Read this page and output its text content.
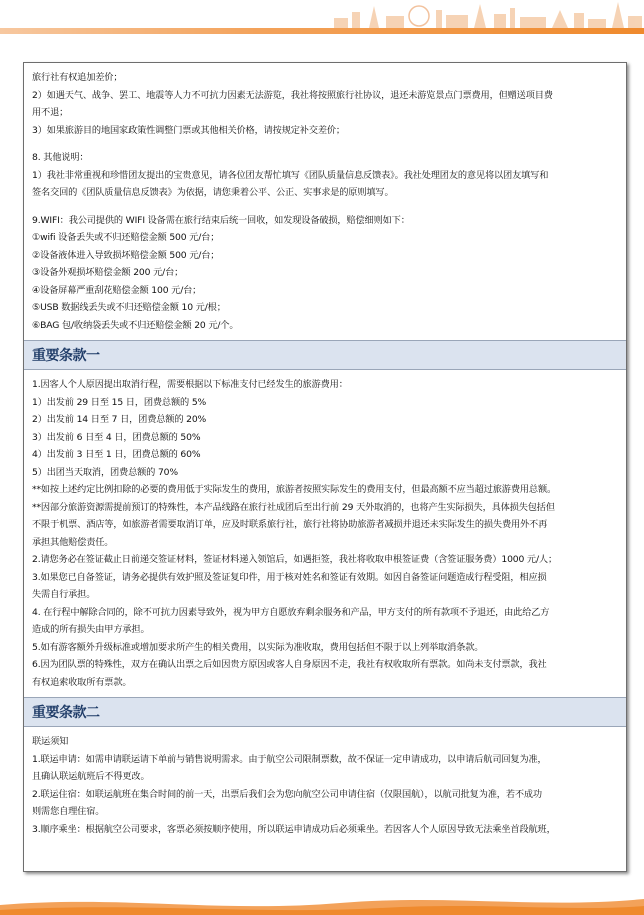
旅行社有权追加差价；
2）如遇天气、战争、罢工、地震等人力不可抗力因素无法游览，我社将按照旅行社协议，退还未游览景点门票费用，但赠送项目费
用不退；
3）如果旅游目的地国家政策性调整门票或其他相关价格，请按规定补交差价；
8. 其他说明：
1）我社非常重视和珍惜团友提出的宝贵意见，请各位团友帮忙填写《团队质量信息反馈表》。我社处理团友的意见将以团友填写和
签名交回的《团队质量信息反馈表》为依据，请您秉着公平、公正、实事求是的原则填写。
9.WIFI：我公司提供的 WIFI 设备需在旅行结束后统一回收，如发现设备破损，赔偿细则如下：
①wifi 设备丢失或不归还赔偿金额 500 元/台；
②设备液体进入导致损坏赔偿金额 500 元/台；
③设备外观损坏赔偿金额 200 元/台；
④设备屏幕严重刮花赔偿金额 100 元/台；
⑤USB 数据线丢失或不归还赔偿金额 10 元/根；
⑥BAG 包/收纳袋丢失或不归还赔偿金额 20 元/个。
重要条款一
1.因客人个人原因提出取消行程，需要根据以下标准支付已经发生的旅游费用：
1）出发前 29 日至 15 日，团费总额的 5%
2）出发前 14 日至 7 日，团费总额的 20%
3）出发前 6 日至 4 日，团费总额的 50%
4）出发前 3 日至 1 日，团费总额的 60%
5）出团当天取消，团费总额的 70%
**如按上述约定比例扣除的必要的费用低于实际发生的费用，旅游者按照实际发生的费用支付，但最高额不应当超过旅游费用总额。
**因部分旅游资源需提前预订的特殊性，本产品线路在旅行社成团后至出行前 29 天外取消的，也将产生实际损失，具体损失包括但
不限于机票、酒店等，如旅游者需要取消订单，应及时联系旅行社，旅行社将协助旅游者减损并退还未实际发生的损失费用外不再
承担其他赔偿责任。
2.请您务必在签证截止日前递交签证材料，签证材料递入领馆后，如遇拒签，我社将收取申根签证费（含签证服务费）1000 元/人；
3.如果您已自备签证，请务必提供有效护照及签证复印件，用于核对姓名和签证有效期。如因自备签证问题造成行程受阻，相应损
失需自行承担。
4. 在行程中解除合同的，除不可抗力因素导致外，视为甲方自愿放弃剩余服务和产品，甲方支付的所有款项不予退还，由此给乙方
造成的所有损失由甲方承担。
5.如有游客额外升级标准或增加要求所产生的相关费用，以实际为准收取，费用包括但不限于以上列举取消条款。
6.因为团队票的特殊性，双方在确认出票之后如因贵方原因或客人自身原因不走，我社有权收取所有票款。如尚未支付票款，我社
有权追索收取所有票款。
重要条款二
联运须知
1.联运申请：如需申请联运请下单前与销售说明需求。由于航空公司限制票数，故不保证一定申请成功，以申请后航司回复为准，
且确认联运航班后不得更改。
2.联运住宿：如联运航班在集合时间的前一天，出票后我们会为您向航空公司申请住宿（仅限国航），以航司批复为准，若不成功
则需您自理住宿。
3.顺序乘坐：根据航空公司要求，客票必须按顺序使用，所以联运申请成功后必须乘坐。若因客人个人原因导致无法乘坐首段航班，
